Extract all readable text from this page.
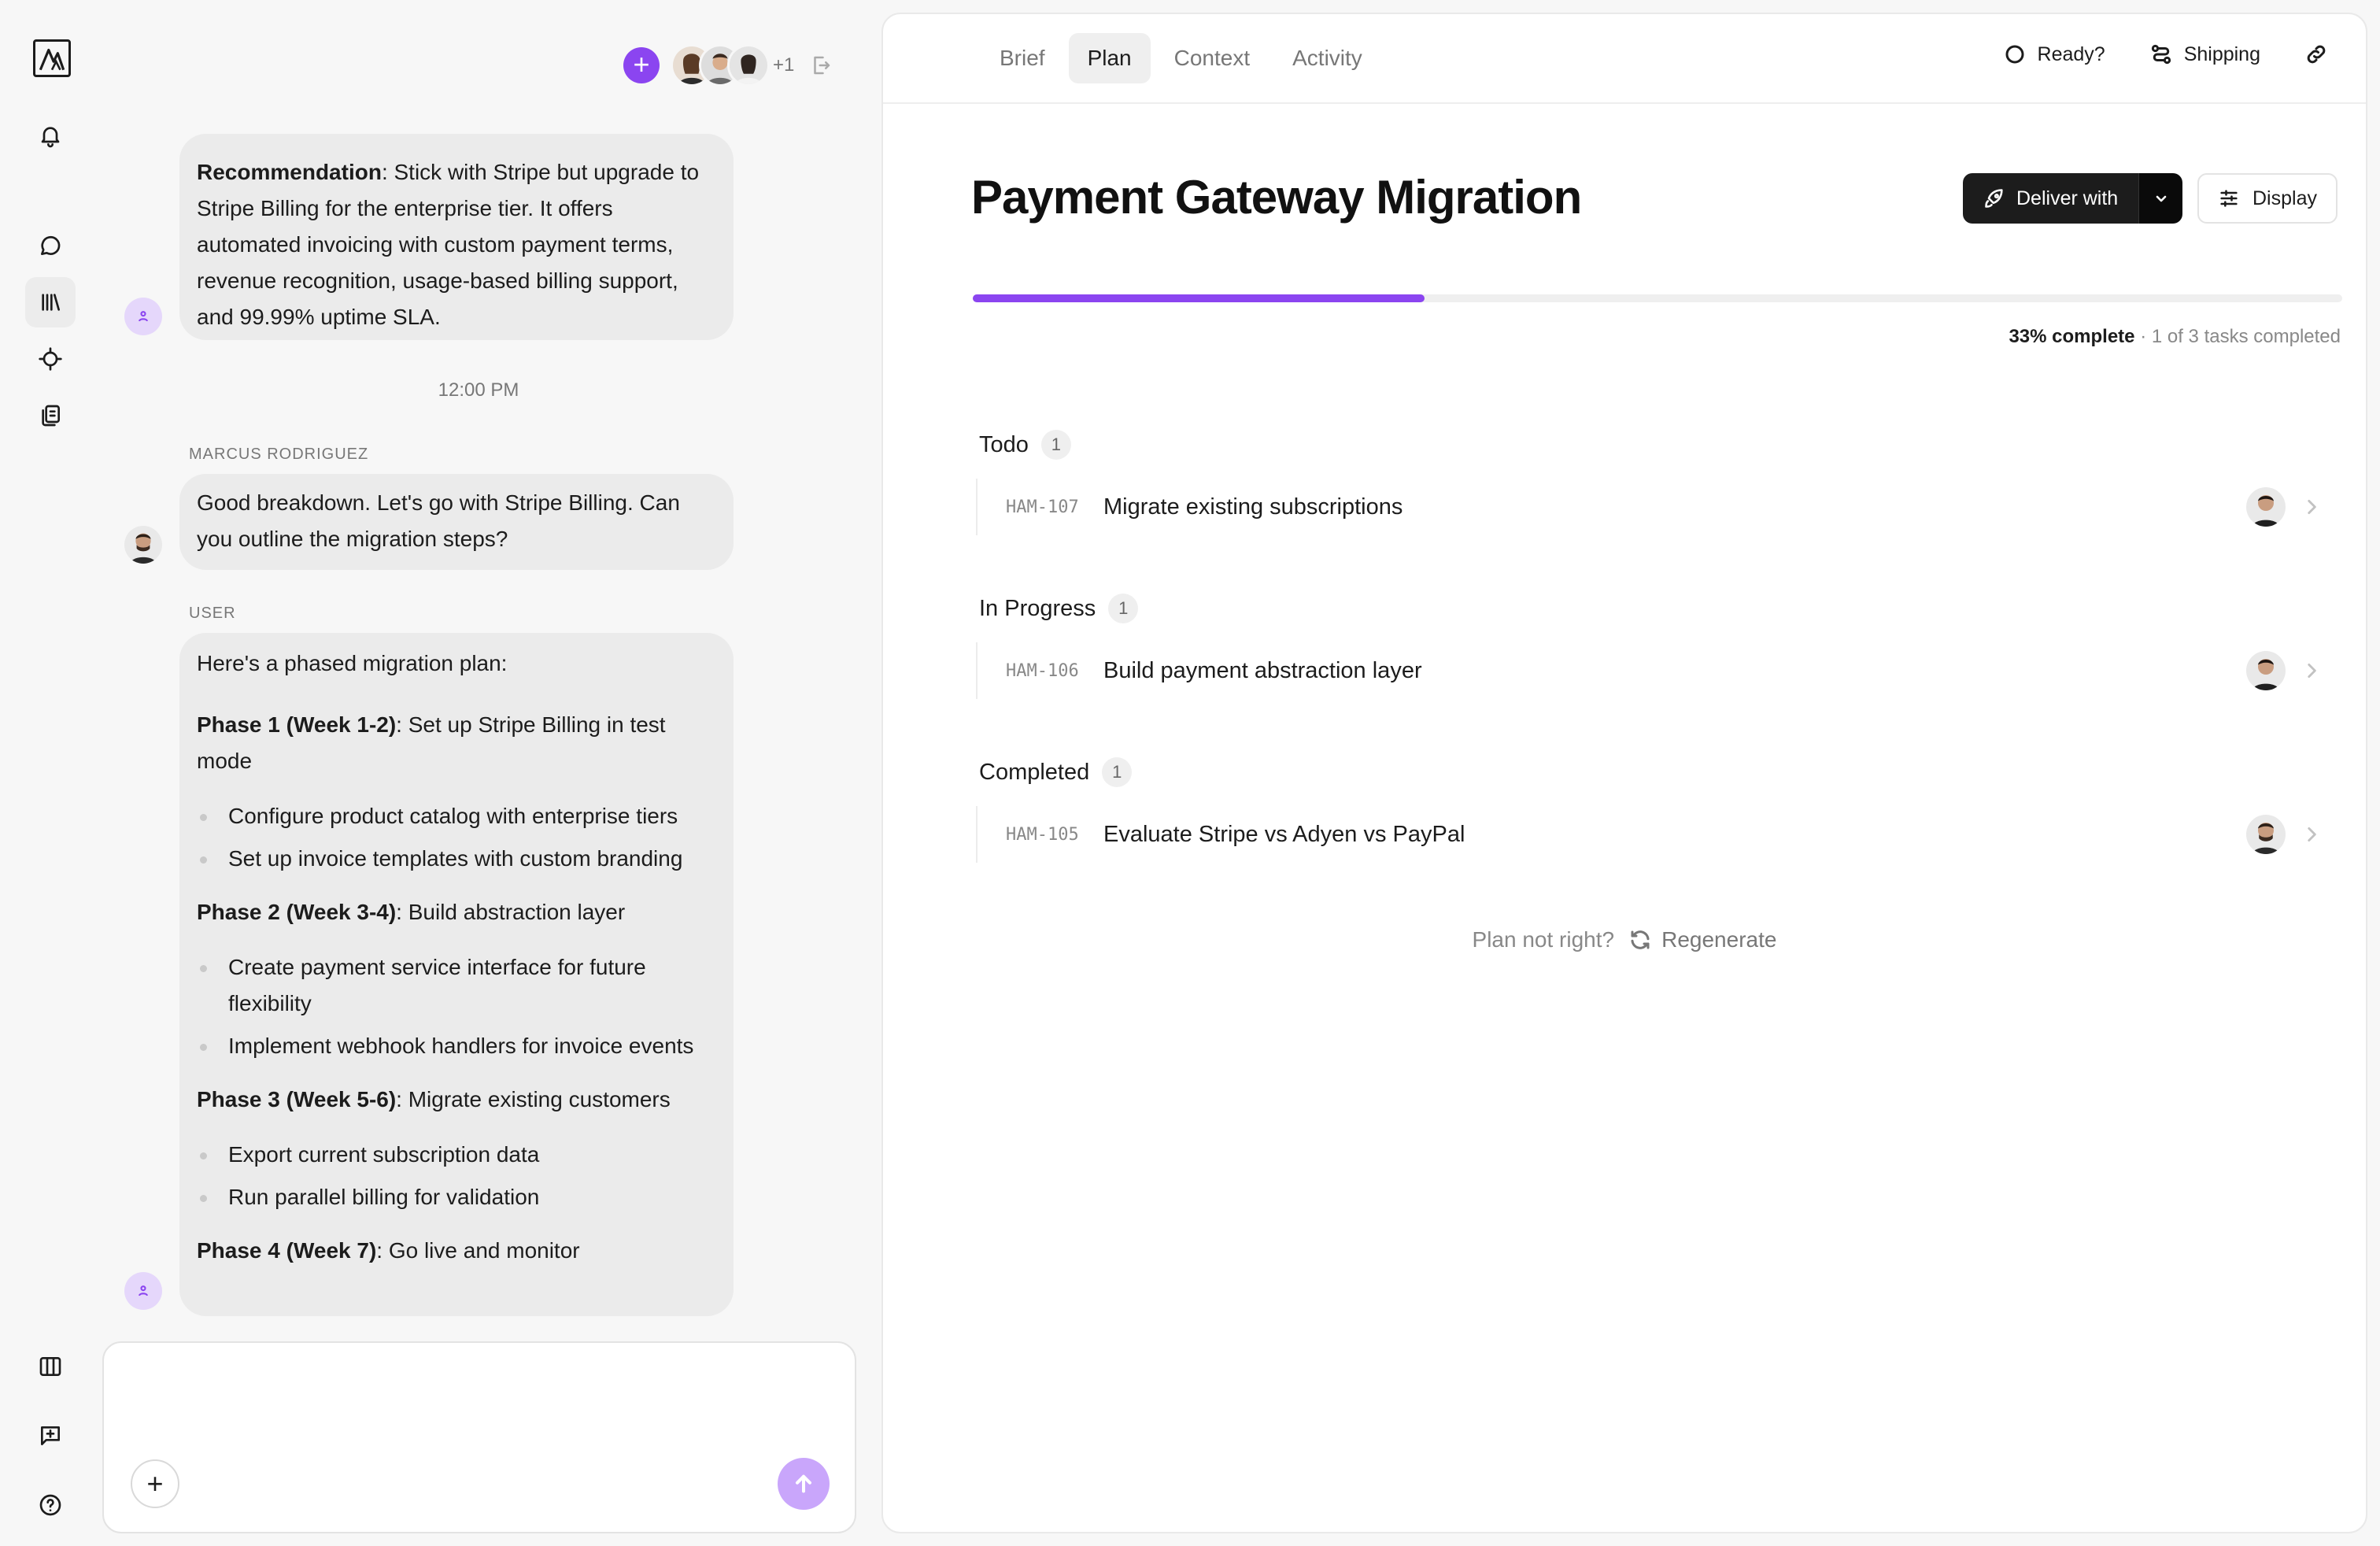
+	+1
Recommendation: Stick with Stripe but upgrade to Stripe Billing for the enterprise tier. It offers automated invoicing with custom payment terms, revenue recognition, usage-based billing support, and 99.99% uptime SLA.
12:00 PM
MARCUS RODRIGUEZ
Good breakdown. Let's go with Stripe Billing. Can you outline the migration steps?
USER

Here's a phased migration plan:

Phase 1 (Week 1-2): Set up Stripe Billing in test mode

Configure product catalog with enterprise tiers
Set up invoice templates with custom branding

Phase 2 (Week 3-4): Build abstraction layer

Create payment service interface for future flexibility
Implement webhook handlers for invoice events

Phase 3 (Week 5-6): Migrate existing customers

Export current subscription data
Run parallel billing for validation

Phase 4 (Week 7): Go live and monitor

+
Brief	Plan	Context	Activity	Ready?	Shipping
Payment Gateway Migration	Deliver with	Display
33% complete · 1 of 3 tasks completed
Todo	1
HAM-107	Migrate existing subscriptions
In Progress	1
HAM-106	Build payment abstraction layer
Completed	1
HAM-105	Evaluate Stripe vs Adyen vs PayPal
Plan not right? Regenerate
